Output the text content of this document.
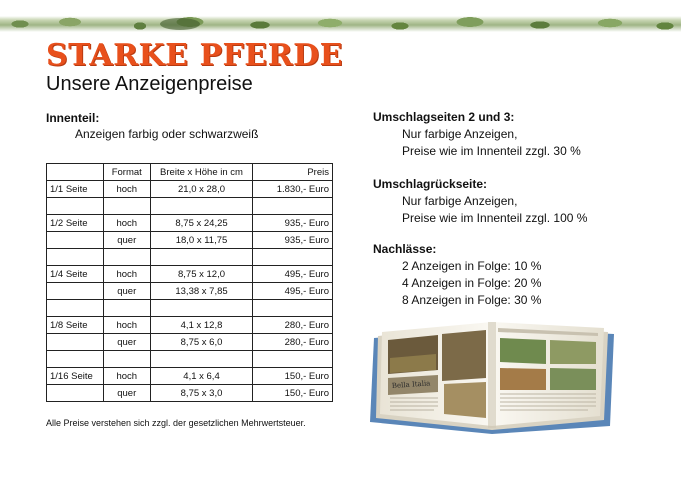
STARKE PFERDE
Unsere Anzeigenpreise
Innenteil:
Anzeigen farbig oder schwarzweiß
	Format	Breite x Höhe in cm	Preis
1/1 Seite	hoch	21,0 x 28,0	1.830,- Euro

1/2 Seite	hoch	8,75 x 24,25	935,- Euro
	quer	18,0 x 11,75	935,- Euro

1/4 Seite	hoch	8,75 x 12,0	495,- Euro
	quer	13,38 x 7,85	495,- Euro

1/8 Seite	hoch	4,1 x 12,8	280,- Euro
	quer	8,75 x 6,0	280,- Euro

1/16 Seite	hoch	4,1 x 6,4	150,- Euro
	quer	8,75 x 3,0	150,- Euro
Alle Preise verstehen sich zzgl. der gesetzlichen Mehrwertsteuer.
Umschlagseiten 2 und 3:
Nur farbige Anzeigen,
Preise wie im Innenteil zzgl. 30 %
Umschlagrückseite:
Nur farbige Anzeigen,
Preise wie im Innenteil zzgl. 100 %
Nachlässe:
2 Anzeigen in Folge: 10 %
4 Anzeigen in Folge: 20 %
8 Anzeigen in Folge: 30 %
Bella Italia
